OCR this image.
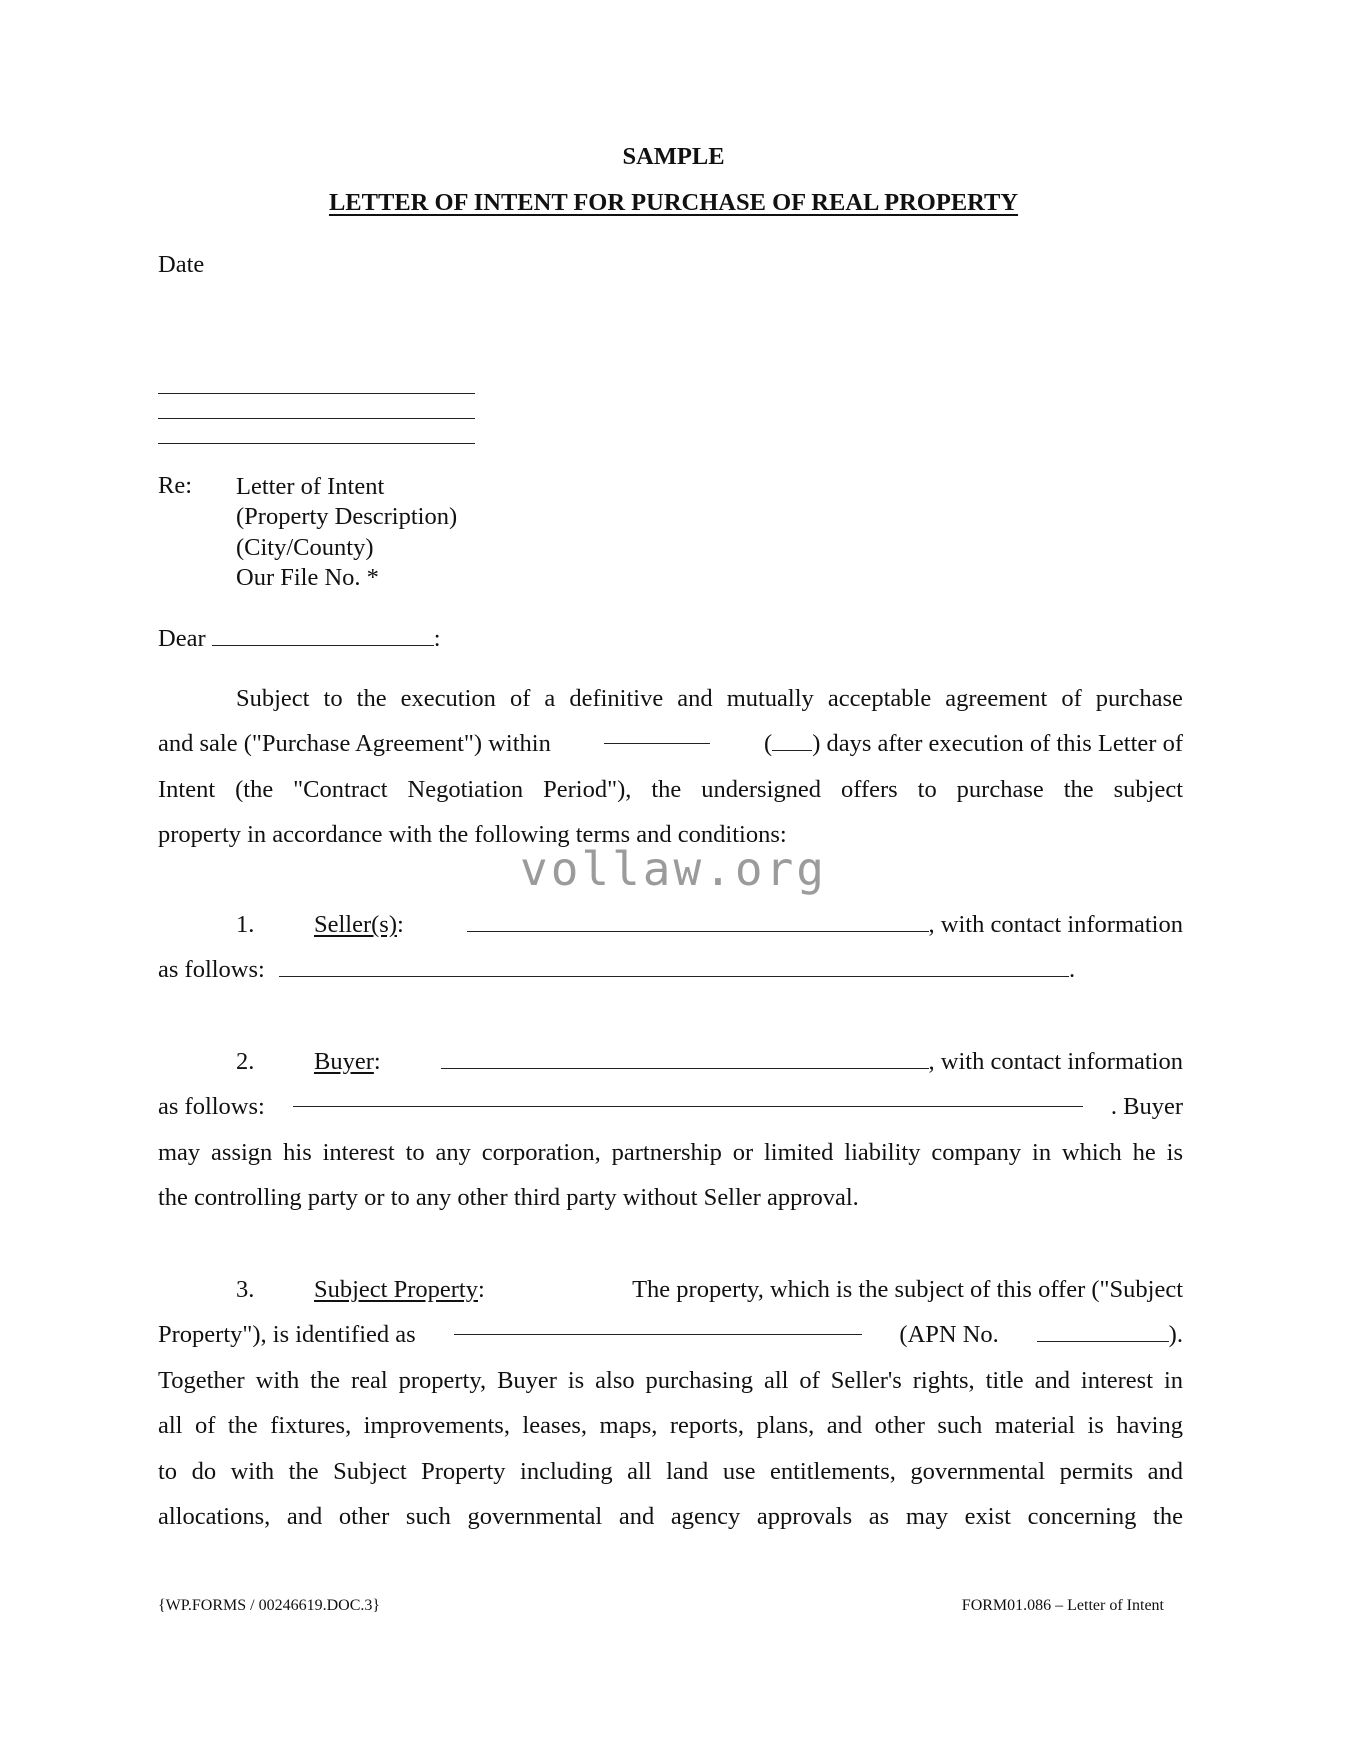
SAMPLE
LETTER OF INTENT FOR PURCHASE OF REAL PROPERTY
Date
Re: Letter of Intent
(Property Description)
(City/County)
Our File No. *
Dear	:
Subject to the execution of a definitive and mutually acceptable agreement of purchase
and sale ("Purchase Agreement") within	( ) days after execution of this Letter of
Intent (the "Contract Negotiation Period"), the undersigned offers to purchase the subject
property in accordance with the following terms and conditions:
vollaw.org
1. Seller(s):	, with contact information
as follows:	.
2. Buyer:	, with contact information
as follows:	. Buyer
may assign his interest to any corporation, partnership or limited liability company in which he is
the controlling party or to any other third party without Seller approval.
3. Subject Property:	The property, which is the subject of this offer ("Subject
Property"), is identified as	(APN No.	).
Together with the real property, Buyer is also purchasing all of Seller's rights, title and interest in
all of the fixtures, improvements, leases, maps, reports, plans, and other such material is having
to do with the Subject Property including all land use entitlements, governmental permits and
allocations, and other such governmental and agency approvals as may exist concerning the
{WP.FORMS / 00246619.DOC.3}	FORM01.086 – Letter of Intent
